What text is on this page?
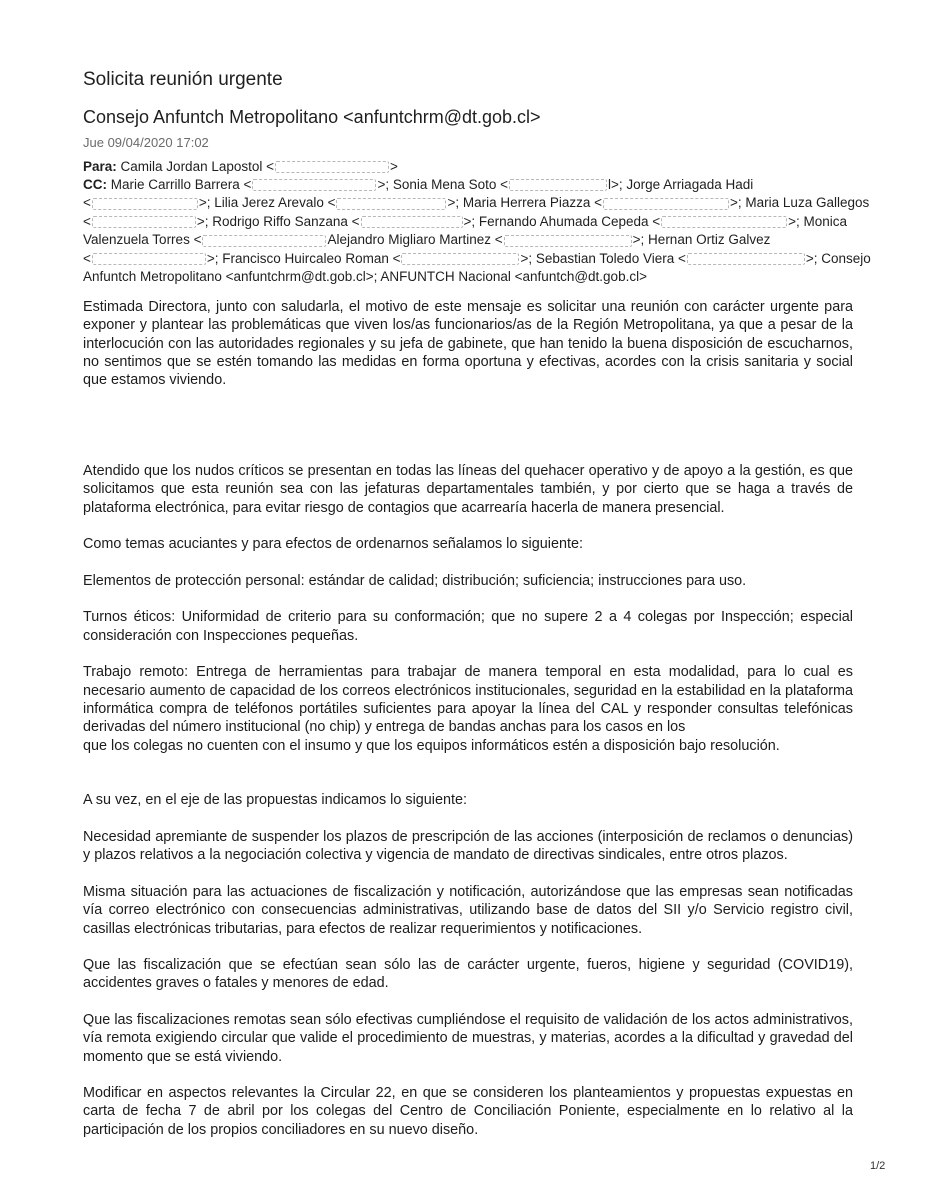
Solicita reunión urgente
Consejo Anfuntch Metropolitano <anfuntchrm@dt.gob.cl>
Jue 09/04/2020 17:02
Para: Camila Jordan Lapostol <	>
CC: Marie Carrillo Barrera <	>; Sonia Mena Soto <	l>; Jorge Arriagada Hadi
<	>; Lilia Jerez Arevalo <	>; Maria Herrera Piazza <	>; Maria Luza Gallegos
<	>; Rodrigo Riffo Sanzana <	>; Fernando Ahumada Cepeda <	>; Monica
Valenzuela Torres <	Alejandro Migliaro Martinez <	>; Hernan Ortiz Galvez
<	>; Francisco Huircaleo Roman <	>; Sebastian Toledo Viera <	>; Consejo
Anfuntch Metropolitano <anfuntchrm@dt.gob.cl>; ANFUNTCH Nacional <anfuntch@dt.gob.cl>

Estimada Directora, junto con saludarla, el motivo de este mensaje es solicitar una reunión con carácter urgente para exponer y plantear las problemáticas que viven los/as funcionarios/as de la Región Metropolitana, ya que a pesar de la interlocución con las autoridades regionales y su jefa de gabinete, que han tenido la buena disposición de escucharnos, no sentimos que se estén tomando las medidas en forma oportuna y efectivas, acordes con la crisis sanitaria y social que estamos viviendo.

Atendido que los nudos críticos se presentan en todas las líneas del quehacer operativo y de apoyo a la gestión, es que solicitamos que esta reunión sea con las jefaturas departamentales también, y por cierto que se haga a través de plataforma electrónica, para evitar riesgo de contagios que acarrearía hacerla de manera presencial.

Como temas acuciantes y para efectos de ordenarnos señalamos lo siguiente:

Elementos de protección personal: estándar de calidad; distribución; suficiencia; instrucciones para uso.

Turnos éticos: Uniformidad de criterio para su conformación; que no supere 2 a 4 colegas por Inspección; especial consideración con Inspecciones pequeñas.

Trabajo remoto: Entrega de herramientas para trabajar de manera temporal en esta modalidad, para lo cual es necesario aumento de capacidad de los correos electrónicos institucionales, seguridad en la estabilidad en la plataforma informática compra de teléfonos portátiles suficientes para apoyar la línea del CAL y responder consultas telefónicas derivadas del número institucional (no chip) y entrega de bandas anchas para los casos en los

que los colegas no cuenten con el insumo y que los equipos informáticos estén a disposición bajo resolución.

A su vez, en el eje de las propuestas indicamos lo siguiente:

Necesidad apremiante de suspender los plazos de prescripción de las acciones (interposición de reclamos o denuncias) y plazos relativos a la negociación colectiva y vigencia de mandato de directivas sindicales, entre otros plazos.

Misma situación para las actuaciones de fiscalización y notificación, autorizándose que las empresas sean notificadas vía correo electrónico con consecuencias administrativas, utilizando base de datos del SII y/o Servicio registro civil, casillas electrónicas tributarias, para efectos de realizar requerimientos y notificaciones.

Que las fiscalización que se efectúan sean sólo las de carácter urgente, fueros, higiene y seguridad (COVID19), accidentes graves o fatales y menores de edad.

Que las fiscalizaciones remotas sean sólo efectivas cumpliéndose el requisito de validación de los actos administrativos, vía remota exigiendo circular que valide el procedimiento de muestras, y materias, acordes a la dificultad y gravedad del momento que se está viviendo.

Modificar en aspectos relevantes la Circular 22, en que se consideren los planteamientos y propuestas expuestas en carta de fecha 7 de abril por los colegas del Centro de Conciliación Poniente, especialmente en lo relativo al la participación de los propios conciliadores en su nuevo diseño.

1/2
